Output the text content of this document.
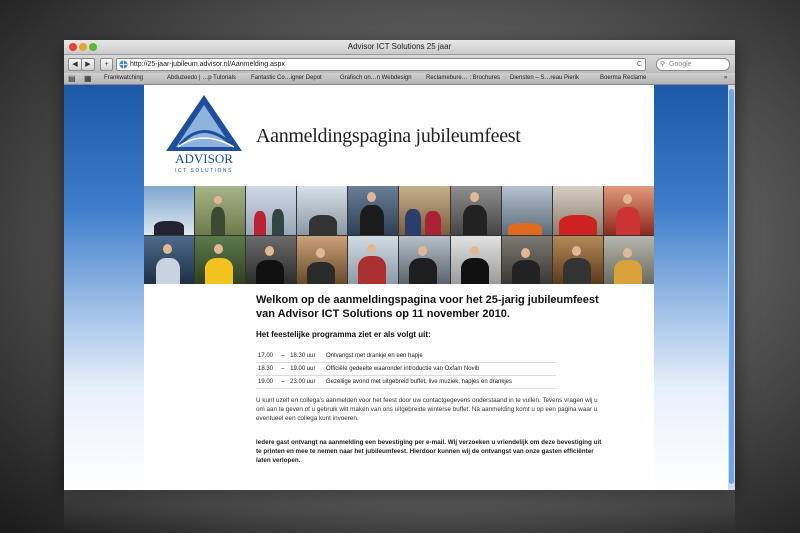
Advisor ICT Solutions 25 jaar
◀	▶	+	http://25-jaar-jubileum.advisor.nl/Aanmelding.aspx	C	⚲ Google
▤ ▦ Frankwatching	Abduzeedo | …p Tutorials	Fantastic Co…igner Depot	Grafisch on…n Webdesign Reclamebure… : Brochures Diensten – S…reau Pierik	Boerma Reclame	»
ADVISOR
ICT SOLUTIONS
Aanmeldingspagina jubileumfeest
Welkom op de aanmeldingspagina voor het 25-jarig jubileumfeest van Advisor ICT Solutions op 11 november 2010.
Het feestelijke programma ziet er als volgt uit:
17.00	–	18.30 uur	Ontvangst met drankje en een hapje
18.30	–	19.00 uur	Officiële gedeelte waaronder introductie van Oxfam Novib
19.00	–	23.00 uur	Gezellige avond met uitgebreid buffet, live muziek, hapjes en drankjes
U kunt uzelf en collega's aanmelden voor het feest door uw contactgegevens onderstaand in te vullen. Tevens vragen wij u om aan te geven of u gebruik wilt maken van ons uitgebreide winterse buffet. Na aanmelding komt u op een pagina waar u eventueel een collega kunt invoeren.
Iedere gast ontvangt na aanmelding een bevestiging per e-mail. Wij verzoeken u vriendelijk om deze bevestiging uit te printen en mee te nemen naar het jubileumfeest. Hierdoor kunnen wij de ontvangst van onze gasten efficiënter laten verlopen.
